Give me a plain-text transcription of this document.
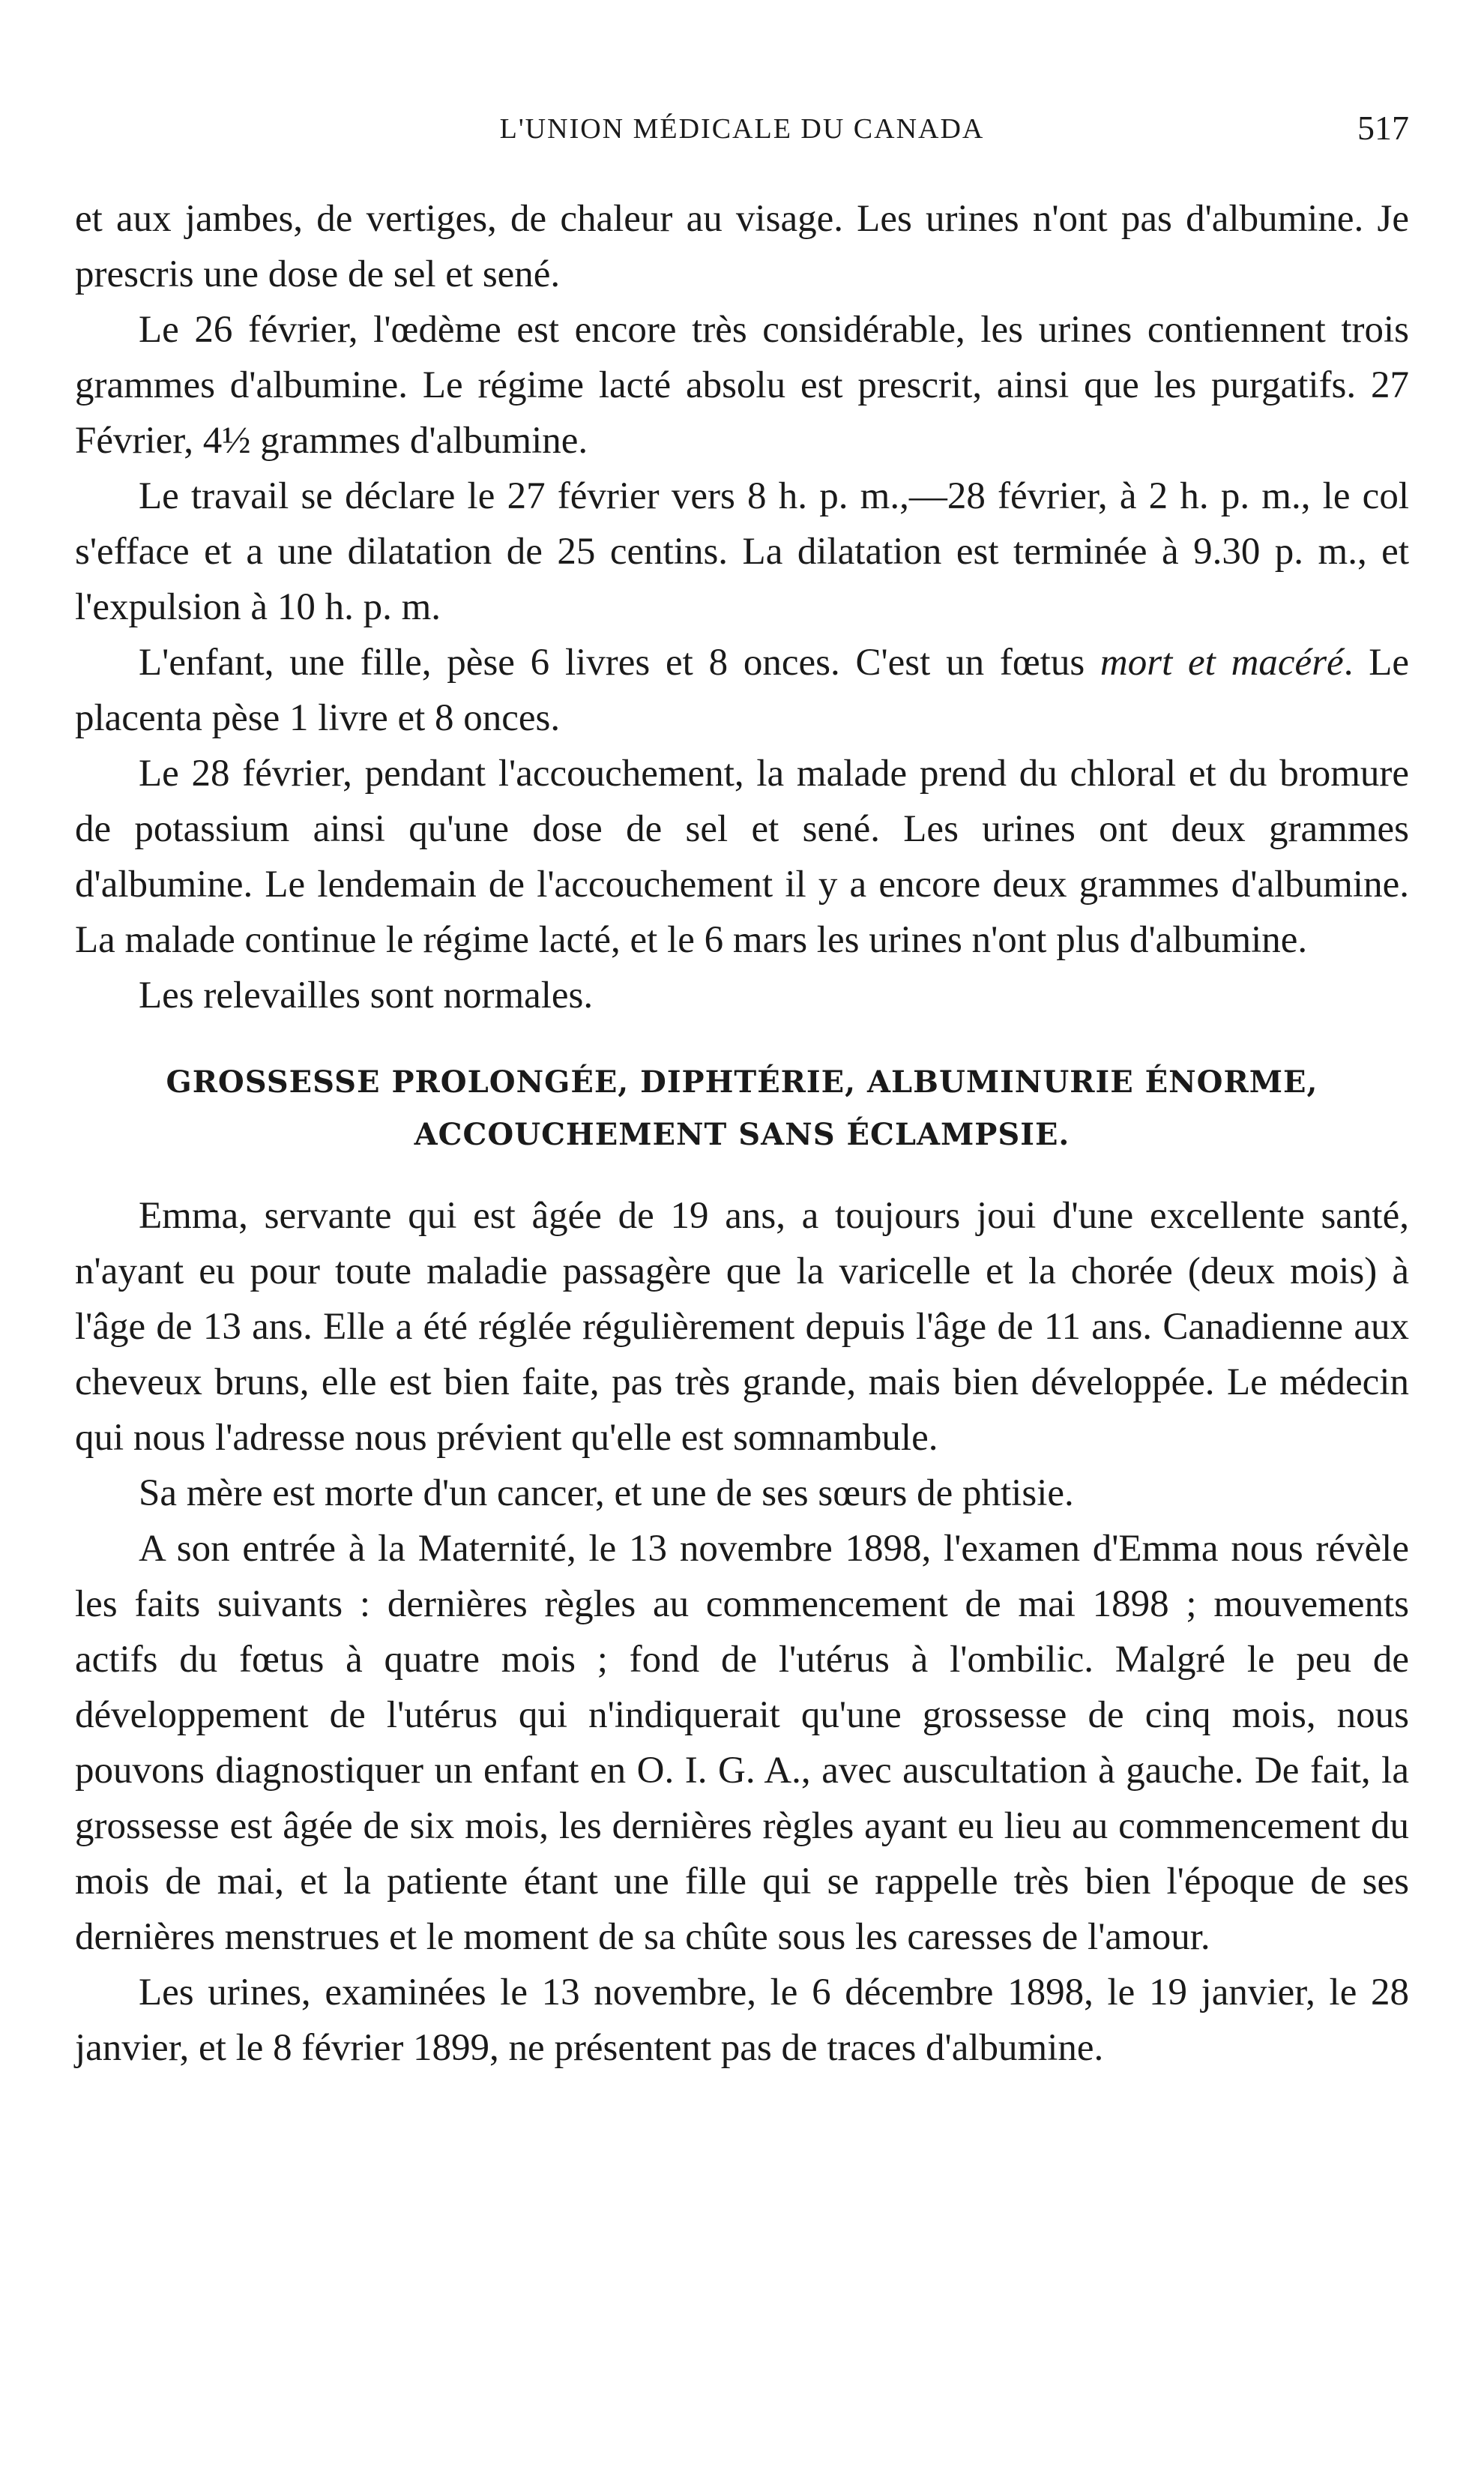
L'UNION MÉDICALE DU CANADA	517

et aux jambes, de vertiges, de chaleur au visage. Les urines n'ont pas d'albumine. Je prescris une dose de sel et sené.

Le 26 février, l'œdème est encore très considérable, les urines contiennent trois grammes d'albumine. Le régime lacté absolu est prescrit, ainsi que les purgatifs. 27 Février, 4½ grammes d'albumine.

Le travail se déclare le 27 février vers 8 h. p. m.,—28 février, à 2 h. p. m., le col s'efface et a une dilatation de 25 centins. La dilatation est terminée à 9.30 p. m., et l'expulsion à 10 h. p. m.

L'enfant, une fille, pèse 6 livres et 8 onces. C'est un fœtus mort et macéré. Le placenta pèse 1 livre et 8 onces.

Le 28 février, pendant l'accouchement, la malade prend du chloral et du bromure de potassium ainsi qu'une dose de sel et sené. Les urines ont deux grammes d'albumine. Le lendemain de l'accouchement il y a encore deux grammes d'albumine. La malade continue le régime lacté, et le 6 mars les urines n'ont plus d'albumine.

Les relevailles sont normales.

GROSSESSE PROLONGÉE, DIPHTÉRIE, ALBUMINURIE ÉNORME,
ACCOUCHEMENT SANS ÉCLAMPSIE.

Emma, servante qui est âgée de 19 ans, a toujours joui d'une excellente santé, n'ayant eu pour toute maladie passagère que la varicelle et la chorée (deux mois) à l'âge de 13 ans. Elle a été réglée régulièrement depuis l'âge de 11 ans. Canadienne aux cheveux bruns, elle est bien faite, pas très grande, mais bien développée. Le médecin qui nous l'adresse nous prévient qu'elle est somnambule.

Sa mère est morte d'un cancer, et une de ses sœurs de phtisie.

A son entrée à la Maternité, le 13 novembre 1898, l'examen d'Emma nous révèle les faits suivants : dernières règles au commencement de mai 1898 ; mouvements actifs du fœtus à quatre mois ; fond de l'utérus à l'ombilic. Malgré le peu de développement de l'utérus qui n'indiquerait qu'une grossesse de cinq mois, nous pouvons diagnostiquer un enfant en O. I. G. A., avec auscultation à gauche. De fait, la grossesse est âgée de six mois, les dernières règles ayant eu lieu au commencement du mois de mai, et la patiente étant une fille qui se rappelle très bien l'époque de ses dernières menstrues et le moment de sa chûte sous les caresses de l'amour.

Les urines, examinées le 13 novembre, le 6 décembre 1898, le 19 janvier, le 28 janvier, et le 8 février 1899, ne présentent pas de traces d'albumine.
